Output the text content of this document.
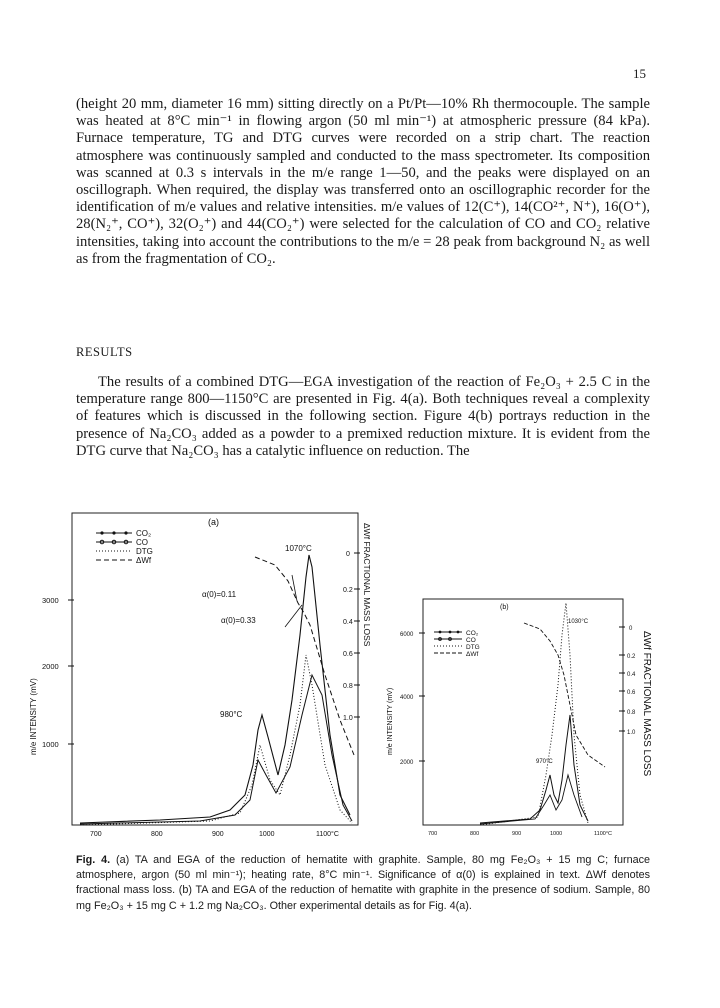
15

(height 20 mm, diameter 16 mm) sitting directly on a Pt/Pt—10% Rh thermocouple. The sample was heated at 8°C min⁻¹ in flowing argon (50 ml min⁻¹) at atmospheric pressure (84 kPa). Furnace temperature, TG and DTG curves were recorded on a strip chart. The reaction atmosphere was continuously sampled and conducted to the mass spectrometer. Its composition was scanned at 0.3 s intervals in the m/e range 1—50, and the peaks were displayed on an oscillograph. When required, the display was transferred onto an oscillographic recorder for the identification of m/e values and relative intensities. m/e values of 12(C⁺), 14(CO²⁺, N⁺), 16(O⁺), 28(N₂⁺, CO⁺), 32(O₂⁺) and 44(CO₂⁺) were selected for the calculation of CO and CO₂ relative intensities, taking into account the contributions to the m/e = 28 peak from background N₂ as well as from the fragmentation of CO₂.

RESULTS

The results of a combined DTG—EGA investigation of the reaction of Fe₂O₃ + 2.5 C in the temperature range 800—1150°C are presented in Fig. 4(a). Both techniques reveal a complexity of features which is discussed in the following section. Figure 4(b) portrays reduction in the presence of Na₂CO₃ added as a powder to a premixed reduction mixture. It is evident from the DTG curve that Na₂CO₃ has a catalytic influence on reduction. The

(a)
CO₂
CO
DTG
ΔWf
3000
2000
1000
m/e INTENSITY (mV)
0
0.2
0.4
0.6
0.8
1.0
ΔWf FRACTIONAL MASS LOSS
700	800	900	1000	1100°C
1070°C
α(0)=0.11
α(0)=0.33
980°C
(b)
CO₂
CO
DTG
ΔWf
6000
4000
2000
m/e INTENSITY (mV)
0
0.2
0.4
0.6
0.8
1.0 ΔWf FRACTIONAL MASS LOSS
700	800	900	1000	1100°C
1030°C
970°C

Fig. 4. (a) TA and EGA of the reduction of hematite with graphite. Sample, 80 mg Fe₂O₃ + 15 mg C; furnace atmosphere, argon (50 ml min⁻¹); heating rate, 8°C min⁻¹. Significance of α(0) is explained in text. ΔWf denotes fractional mass loss. (b) TA and EGA of the reduction of hematite with graphite in the presence of sodium. Sample, 80 mg Fe₂O₃ + 15 mg C + 1.2 mg Na₂CO₃. Other experimental details as for Fig. 4(a).
